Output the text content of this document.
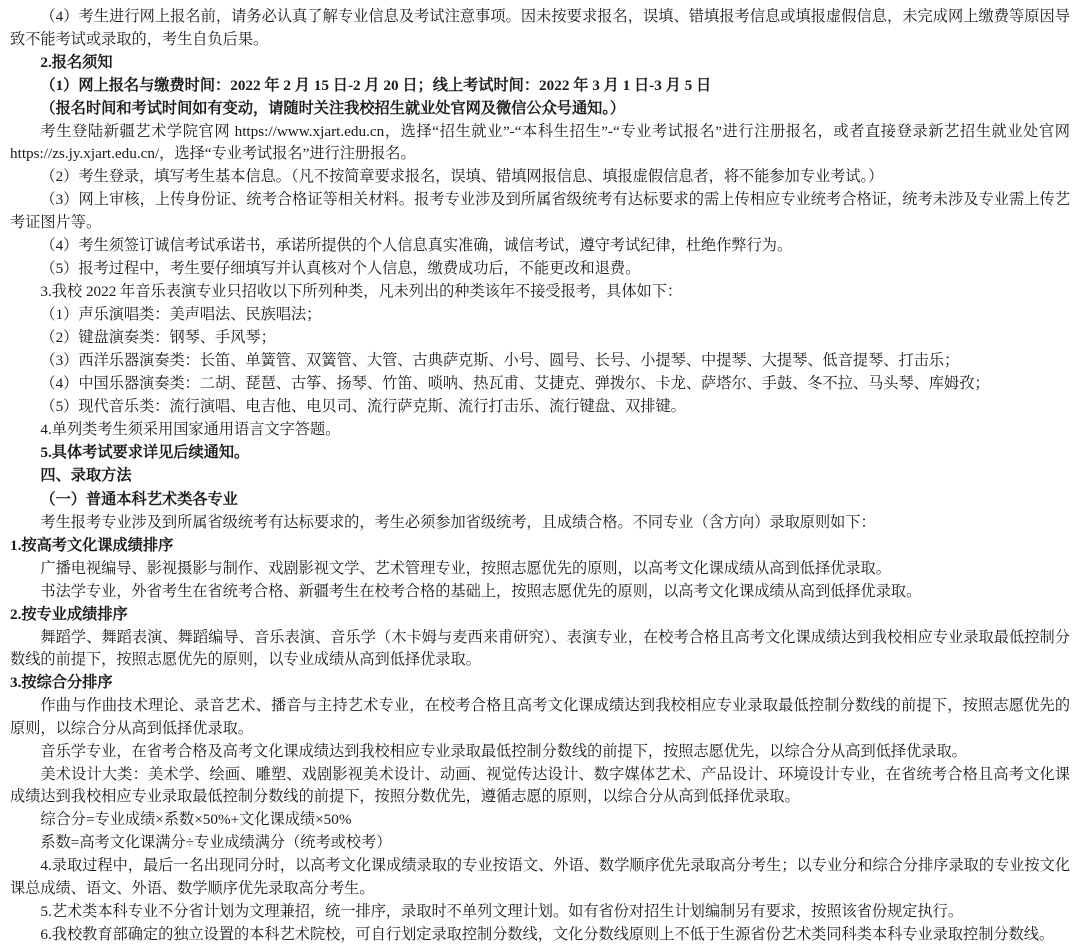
（4）考生进行网上报名前，请务必认真了解专业信息及考试注意事项。因未按要求报名，误填、错填报考信息或填报虚假信息，未完成网上缴费等原因导致不能考试或录取的，考生自负后果。

2.报名须知

（1）网上报名与缴费时间：2022 年 2 月 15 日-2 月 20 日；线上考试时间：2022 年 3 月 1 日-3 月 5 日

（报名时间和考试时间如有变动，请随时关注我校招生就业处官网及微信公众号通知。）

考生登陆新疆艺术学院官网 https://www.xjart.edu.cn，选择“招生就业”-“本科生招生”-“专业考试报名”进行注册报名，或者直接登录新艺招生就业处官网 https://zs.jy.xjart.edu.cn/，选择“专业考试报名”进行注册报名。

（2）考生登录，填写考生基本信息。（凡不按简章要求报名，误填、错填网报信息、填报虚假信息者，将不能参加专业考试。）

（3）网上审核，上传身份证、统考合格证等相关材料。报考专业涉及到所属省级统考有达标要求的需上传相应专业统考合格证，统考未涉及专业需上传艺考证图片等。

（4）考生须签订诚信考试承诺书，承诺所提供的个人信息真实准确，诚信考试，遵守考试纪律，杜绝作弊行为。

（5）报考过程中，考生要仔细填写并认真核对个人信息，缴费成功后，不能更改和退费。

3.我校 2022 年音乐表演专业只招收以下所列种类，凡未列出的种类该年不接受报考，具体如下：

（1）声乐演唱类：美声唱法、民族唱法；

（2）键盘演奏类：钢琴、手风琴；

（3）西洋乐器演奏类：长笛、单簧管、双簧管、大管、古典萨克斯、小号、圆号、长号、小提琴、中提琴、大提琴、低音提琴、打击乐；

（4）中国乐器演奏类：二胡、琵琶、古筝、扬琴、竹笛、唢呐、热瓦甫、艾捷克、弹拨尔、卡龙、萨塔尔、手鼓、冬不拉、马头琴、库姆孜；

（5）现代音乐类：流行演唱、电吉他、电贝司、流行萨克斯、流行打击乐、流行键盘、双排键。

4.单列类考生须采用国家通用语言文字答题。

5.具体考试要求详见后续通知。

四、录取方法

（一）普通本科艺术类各专业

考生报考专业涉及到所属省级统考有达标要求的，考生必须参加省级统考，且成绩合格。不同专业（含方向）录取原则如下：

1.按高考文化课成绩排序

广播电视编导、影视摄影与制作、戏剧影视文学、艺术管理专业，按照志愿优先的原则，以高考文化课成绩从高到低择优录取。

书法学专业，外省考生在省统考合格、新疆考生在校考合格的基础上，按照志愿优先的原则，以高考文化课成绩从高到低择优录取。

2.按专业成绩排序

舞蹈学、舞蹈表演、舞蹈编导、音乐表演、音乐学（木卡姆与麦西来甫研究）、表演专业，在校考合格且高考文化课成绩达到我校相应专业录取最低控制分数线的前提下，按照志愿优先的原则，以专业成绩从高到低择优录取。

3.按综合分排序

作曲与作曲技术理论、录音艺术、播音与主持艺术专业，在校考合格且高考文化课成绩达到我校相应专业录取最低控制分数线的前提下，按照志愿优先的原则，以综合分从高到低择优录取。

音乐学专业，在省考合格及高考文化课成绩达到我校相应专业录取最低控制分数线的前提下，按照志愿优先，以综合分从高到低择优录取。

美术设计大类：美术学、绘画、雕塑、戏剧影视美术设计、动画、视觉传达设计、数字媒体艺术、产品设计、环境设计专业，在省统考合格且高考文化课成绩达到我校相应专业录取最低控制分数线的前提下，按照分数优先，遵循志愿的原则，以综合分从高到低择优录取。

综合分=专业成绩×系数×50%+文化课成绩×50%

系数=高考文化课满分÷专业成绩满分（统考或校考）

4.录取过程中，最后一名出现同分时，以高考文化课成绩录取的专业按语文、外语、数学顺序优先录取高分考生；以专业分和综合分排序录取的专业按文化课总成绩、语文、外语、数学顺序优先录取高分考生。

5.艺术类本科专业不分省计划为文理兼招，统一排序，录取时不单列文理计划。如有省份对招生计划编制另有要求，按照该省份规定执行。

6.我校教育部确定的独立设置的本科艺术院校，可自行划定录取控制分数线，文化分数线原则上不低于生源省份艺术类同科类本科专业录取控制分数线。
